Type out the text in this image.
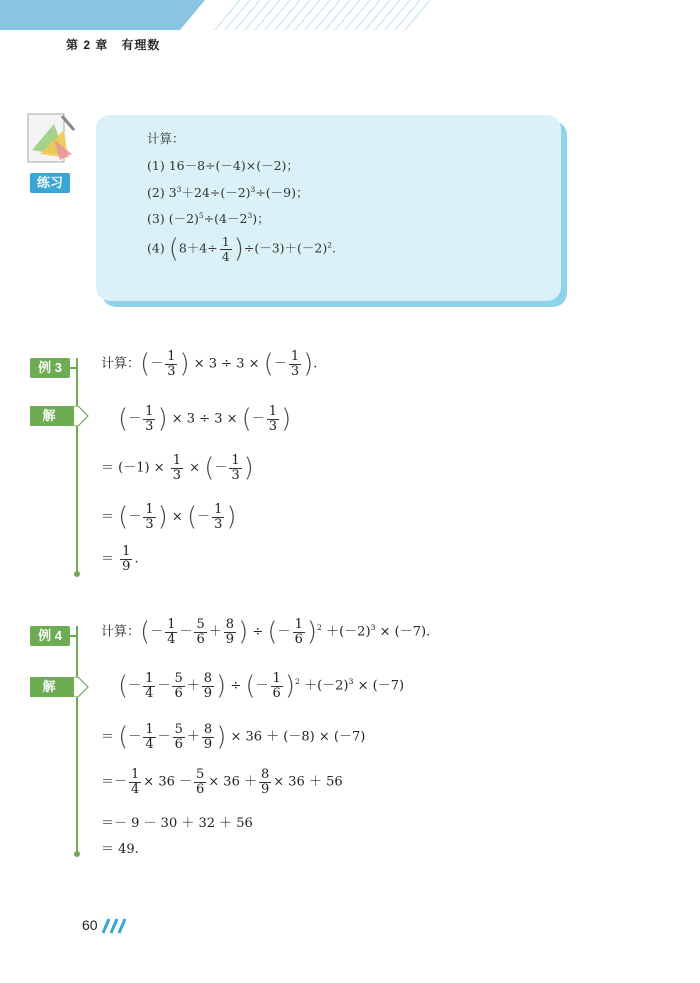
第 2 章　有理数
练习
计算：
(1) 16－8÷(－4)×(－2)；
(2) $3^3+24\div(-2)^3\div(-9)$；
(3) $(-2)^5\div(4-2^3)$；
(4) $(8+4\div \frac{1}{4} )\div(-3)+(-2)^2$.
例 3
解
计算：(－ $\frac{1}{3}$ ) × 3 ÷ 3 × (－ $\frac{1}{3}$ ).
(－ $\frac{1}{3}$ ) × 3 ÷ 3 × (－ $\frac{1}{3}$ )
＝ $(-1) \times \frac{1}{3}$ × (－ $\frac{1}{3}$ )
＝ (－ $\frac{1}{3}$ ) × (－ $\frac{1}{3}$ )
＝ $\frac{1}{9}$ .
例 4
解
计算：(－ $\frac{1}{4} - \frac{5}{6} + \frac{8}{9}$ ) ÷ (－ $\frac{1}{6} )^2 +(-2)^3 \times (-7)$.
(－ $\frac{1}{4} - \frac{5}{6} + \frac{8}{9}$ ) ÷ (－ $\frac{1}{6} )^2 +(-2)^3 \times (-7)$
＝ (－ $\frac{1}{4} - \frac{5}{6} + \frac{8}{9}$ ) × 36 ＋ (－8) × (－7)
＝－ $\frac{1}{4} \times 36 - \frac{5}{6} \times 36 + \frac{8}{9} \times 36 + 56$
＝－ 9 － 30 ＋ 32 ＋ 56
＝ 49.
60
